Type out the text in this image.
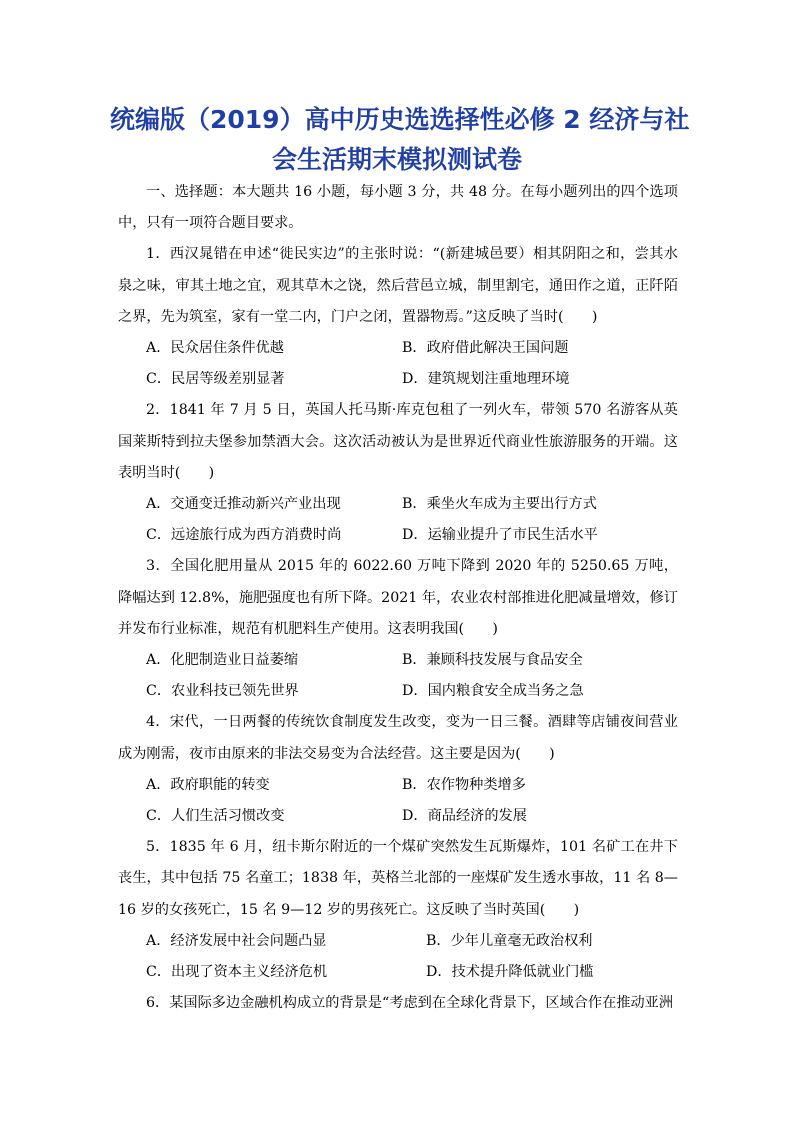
统编版（2019）高中历史选选择性必修 2 经济与社
会生活期末模拟测试卷

一、选择题：本大题共 16 小题，每小题 3 分，共 48 分。在每小题列出的四个选项中，只有一项符合题目要求。

1．西汉晁错在申述“徙民实边”的主张时说：“(新建城邑要）相其阴阳之和，尝其水泉之味，审其土地之宜，观其草木之饶，然后营邑立城，制里割宅，通田作之道，正阡陌之界，先为筑室，家有一堂二内，门户之闭，置器物焉。”这反映了当时(　　)

A．民众居住条件优越	B．政府借此解决王国问题
C．民居等级差别显著	D．建筑规划注重地理环境

2．1841 年 7 月 5 日，英国人托马斯·库克包租了一列火车，带领 570 名游客从英国莱斯特到拉夫堡参加禁酒大会。这次活动被认为是世界近代商业性旅游服务的开端。这表明当时(　　)

A．交通变迁推动新兴产业出现	B．乘坐火车成为主要出行方式
C．远途旅行成为西方消费时尚	D．运输业提升了市民生活水平

3．全国化肥用量从 2015 年的 6022.60 万吨下降到 2020 年的 5250.65 万吨，降幅达到 12.8%，施肥强度也有所下降。2021 年，农业农村部推进化肥减量增效，修订并发布行业标准，规范有机肥料生产使用。这表明我国(　　)

A．化肥制造业日益萎缩	B．兼顾科技发展与食品安全
C．农业科技已领先世界	D．国内粮食安全成当务之急

4．宋代，一日两餐的传统饮食制度发生改变，变为一日三餐。酒肆等店铺夜间营业成为刚需，夜市由原来的非法交易变为合法经营。这主要是因为(　　)

A．政府职能的转变	B．农作物种类增多
C．人们生活习惯改变	D．商品经济的发展

5．1835 年 6 月，纽卡斯尔附近的一个煤矿突然发生瓦斯爆炸，101 名矿工在井下丧生，其中包括 75 名童工；1838 年，英格兰北部的一座煤矿发生透水事故，11 名 8—16 岁的女孩死亡，15 名 9—12 岁的男孩死亡。这反映了当时英国(　　)

A．经济发展中社会问题凸显	B．少年儿童毫无政治权利
C．出现了资本主义经济危机	D．技术提升降低就业门槛

6．某国际多边金融机构成立的背景是“考虑到在全球化背景下，区域合作在推动亚洲
